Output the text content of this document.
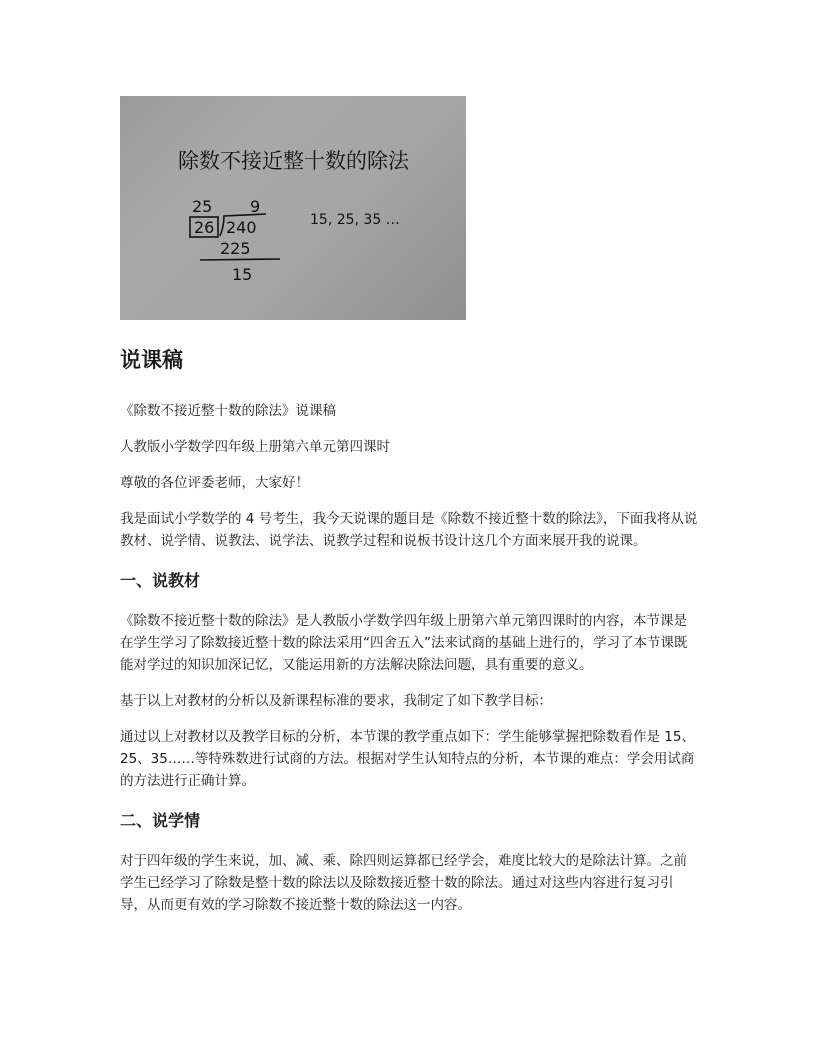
除数不接近整十数的除法
25 9
26 240
225
15
15, 25, 35 …
说课稿

《除数不接近整十数的除法》说课稿

人教版小学数学四年级上册第六单元第四课时

尊敬的各位评委老师，大家好！

我是面试小学数学的 4 号考生，我今天说课的题目是《除数不接近整十数的除法》，下面我将从说教材、说学情、说教法、说学法、说教学过程和说板书设计这几个方面来展开我的说课。

一、说教材

《除数不接近整十数的除法》是人教版小学数学四年级上册第六单元第四课时的内容，本节课是在学生学习了除数接近整十数的除法采用“四舍五入”法来试商的基础上进行的，学习了本节课既能对学过的知识加深记忆，又能运用新的方法解决除法问题，具有重要的意义。

基于以上对教材的分析以及新课程标准的要求，我制定了如下教学目标：

通过以上对教材以及教学目标的分析，本节课的教学重点如下：学生能够掌握把除数看作是 15、25、35……等特殊数进行试商的方法。根据对学生认知特点的分析，本节课的难点：学会用试商的方法进行正确计算。

二、说学情

对于四年级的学生来说，加、减、乘、除四则运算都已经学会，难度比较大的是除法计算。之前学生已经学习了除数是整十数的除法以及除数接近整十数的除法。通过对这些内容进行复习引导，从而更有效的学习除数不接近整十数的除法这一内容。
